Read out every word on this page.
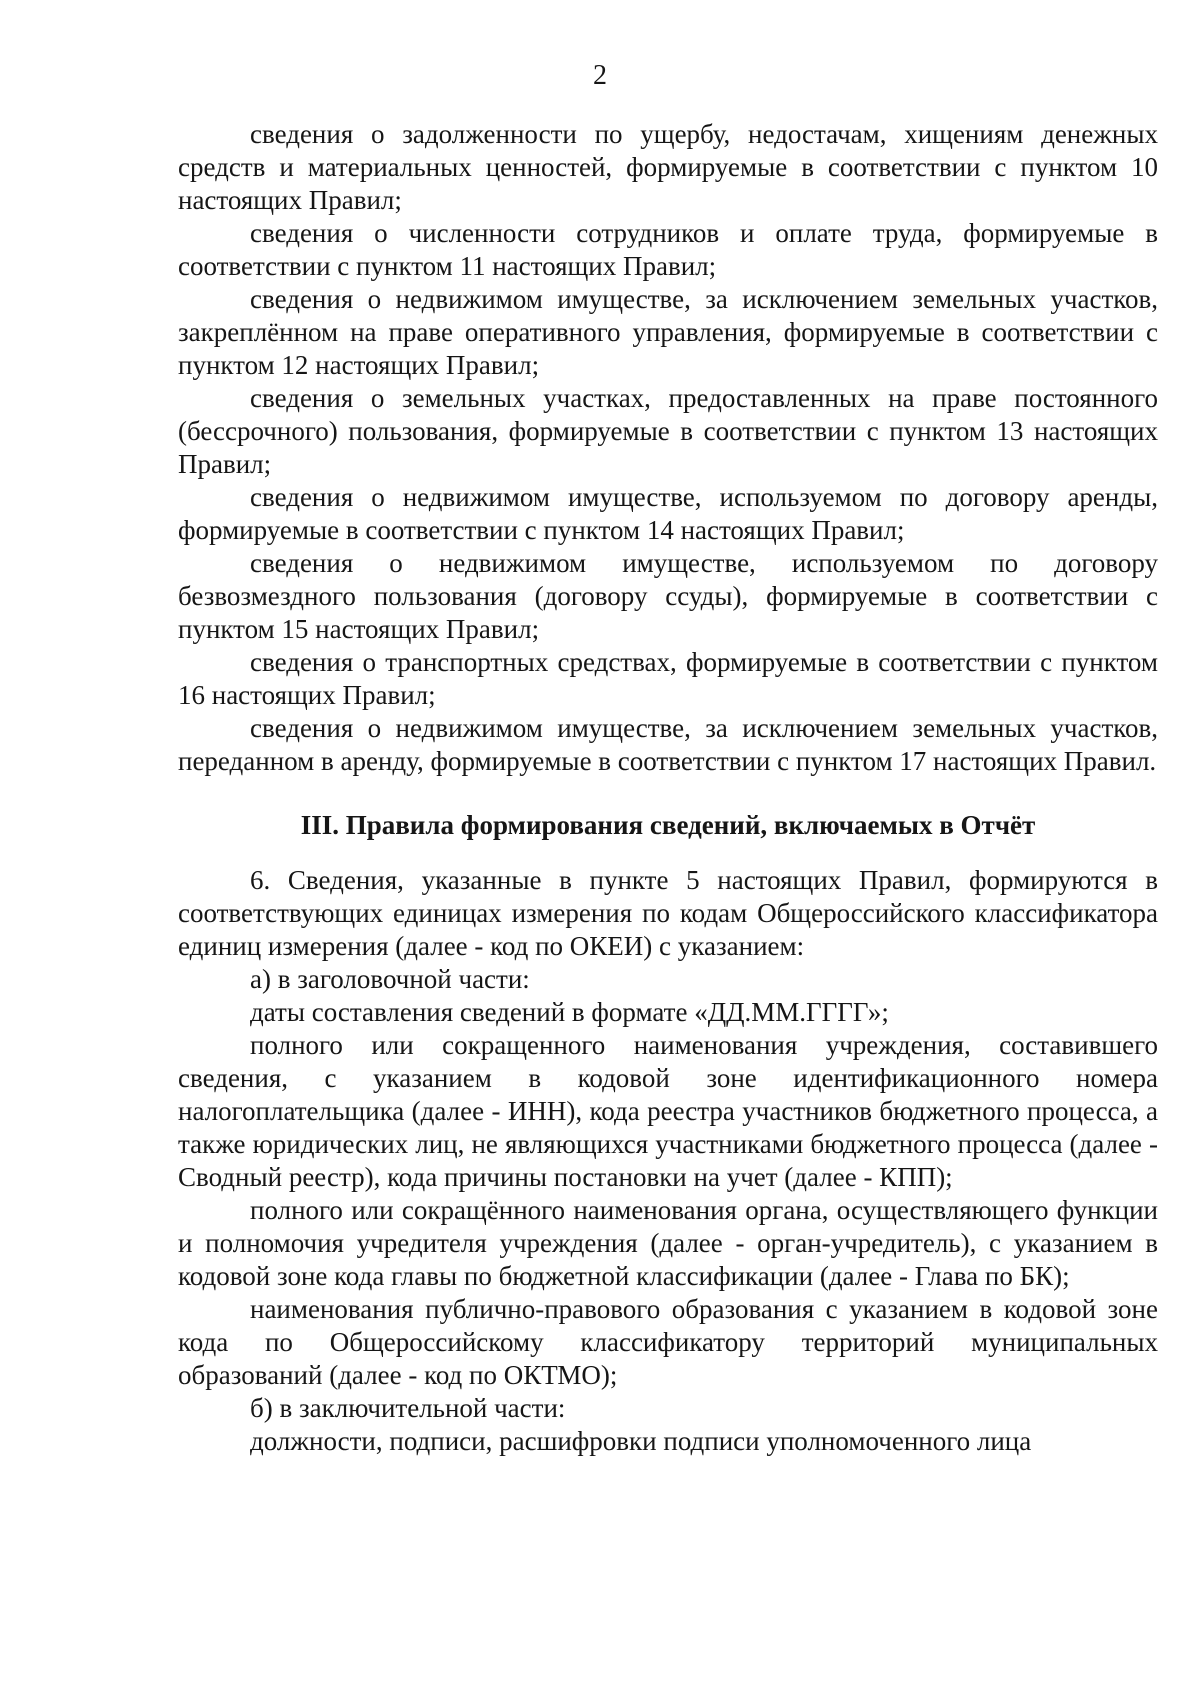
2

сведения о задолженности по ущербу, недостачам, хищениям денежных средств и материальных ценностей, формируемые в соответствии с пунктом 10 настоящих Правил;

сведения о численности сотрудников и оплате труда, формируемые в соответствии с пунктом 11 настоящих Правил;

сведения о недвижимом имуществе, за исключением земельных участков, закреплённом на праве оперативного управления, формируемые в соответствии с пунктом 12 настоящих Правил;

сведения о земельных участках, предоставленных на праве постоянного (бессрочного) пользования, формируемые в соответствии с пунктом 13 настоящих Правил;

сведения о недвижимом имуществе, используемом по договору аренды, формируемые в соответствии с пунктом 14 настоящих Правил;

сведения о недвижимом имуществе, используемом по договору безвозмездного пользования (договору ссуды), формируемые в соответствии с пунктом 15 настоящих Правил;

сведения о транспортных средствах, формируемые в соответствии с пунктом 16 настоящих Правил;

сведения о недвижимом имуществе, за исключением земельных участков, переданном в аренду, формируемые в соответствии с пунктом 17 настоящих Правил.

III. Правила формирования сведений, включаемых в Отчёт

6. Сведения, указанные в пункте 5 настоящих Правил, формируются в соответствующих единицах измерения по кодам Общероссийского классификатора единиц измерения (далее - код по ОКЕИ) с указанием:

а) в заголовочной части:

даты составления сведений в формате «ДД.ММ.ГГГГ»;

полного или сокращенного наименования учреждения, составившего сведения, с указанием в кодовой зоне идентификационного номера налогоплательщика (далее - ИНН), кода реестра участников бюджетного процесса, а также юридических лиц, не являющихся участниками бюджетного процесса (далее - Сводный реестр), кода причины постановки на учет (далее - КПП);

полного или сокращённого наименования органа, осуществляющего функции и полномочия учредителя учреждения (далее - орган-учредитель), с указанием в кодовой зоне кода главы по бюджетной классификации (далее - Глава по БК);

наименования публично-правового образования с указанием в кодовой зоне кода по Общероссийскому классификатору территорий муниципальных образований (далее - код по ОКТМО);

б) в заключительной части:

должности, подписи, расшифровки подписи уполномоченного лица
